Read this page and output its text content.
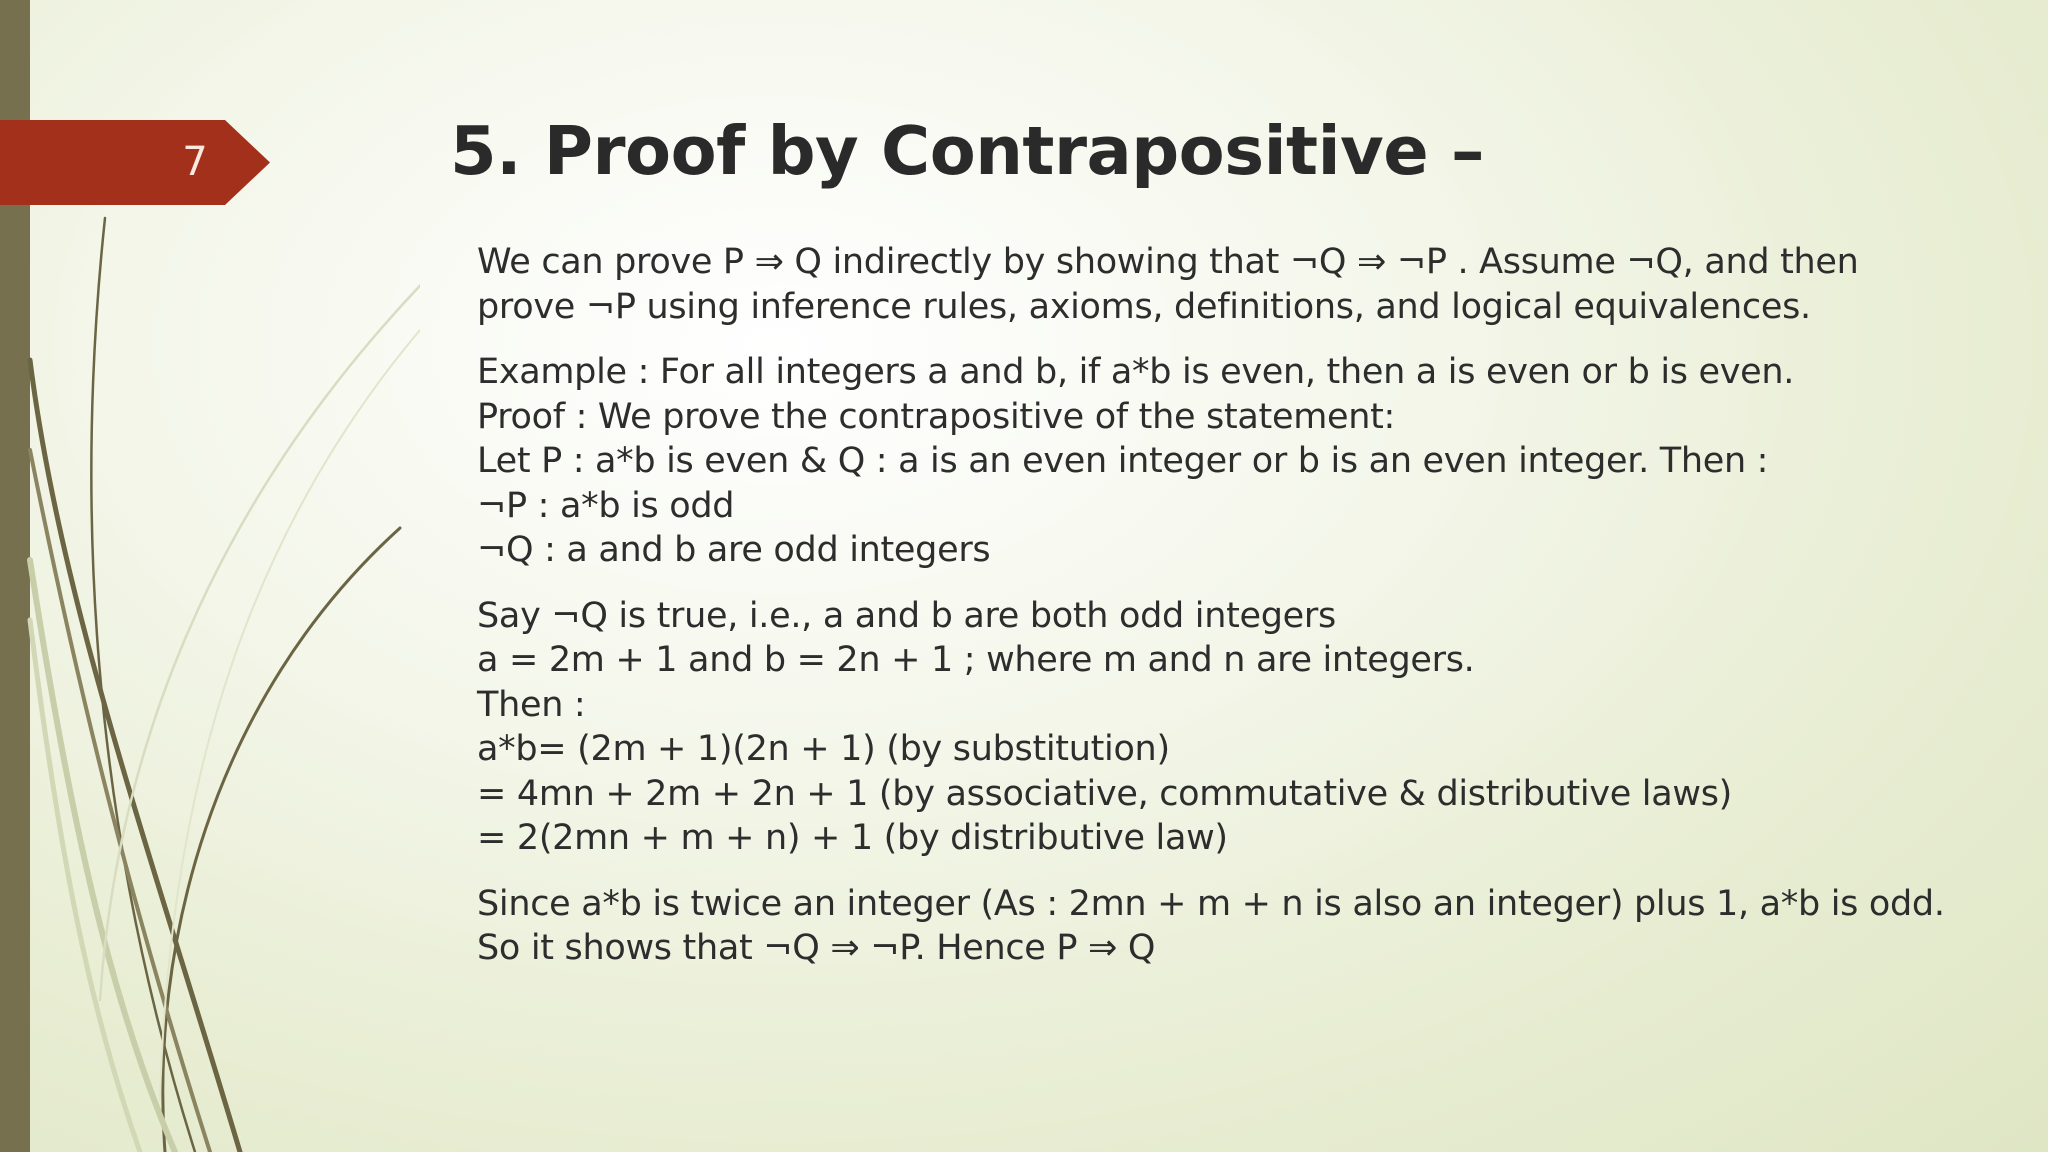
7	5. Proof by Contrapositive –

We can prove P ⇒ Q indirectly by showing that ¬Q ⇒ ¬P . Assume ¬Q, and then
prove ¬P using inference rules, axioms, definitions, and logical equivalences.

Example : For all integers a and b, if a*b is even, then a is even or b is even.
Proof : We prove the contrapositive of the statement:
Let P : a*b is even & Q : a is an even integer or b is an even integer. Then :
¬P : a*b is odd
¬Q : a and b are odd integers

Say ¬Q is true, i.e., a and b are both odd integers
a = 2m + 1 and b = 2n + 1 ; where m and n are integers.
Then :
a*b= (2m + 1)(2n + 1) (by substitution)
= 4mn + 2m + 2n + 1 (by associative, commutative & distributive laws)
= 2(2mn + m + n) + 1 (by distributive law)

Since a*b is twice an integer (As : 2mn + m + n is also an integer) plus 1, a*b is odd.
So it shows that ¬Q ⇒ ¬P. Hence P ⇒ Q
